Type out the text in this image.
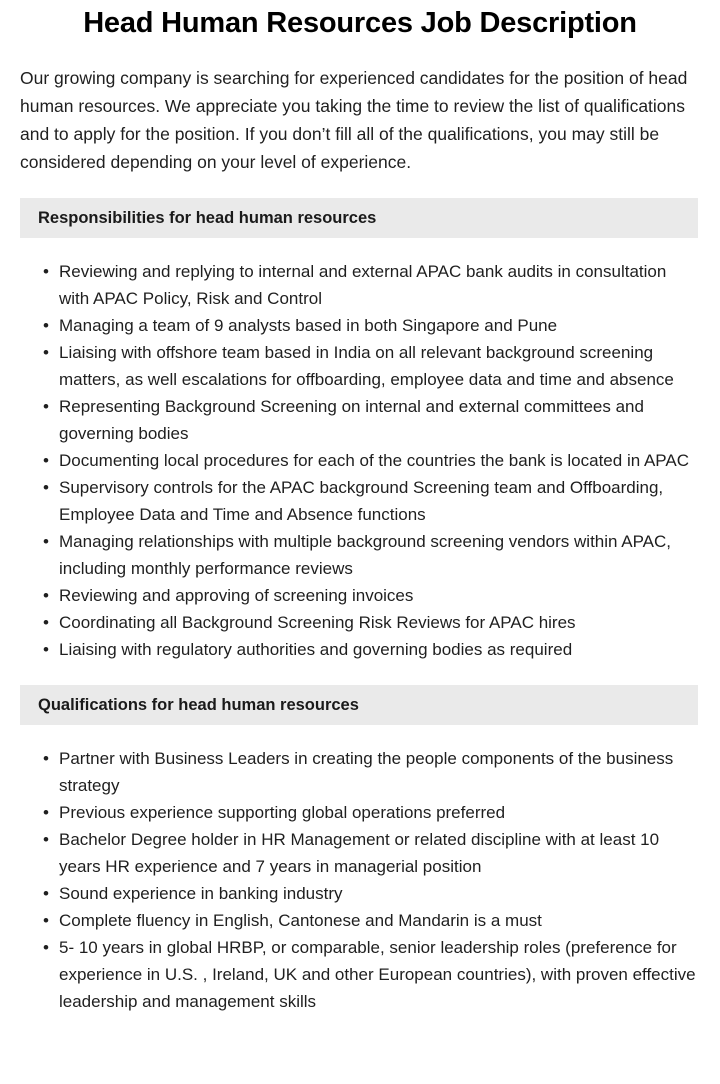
Head Human Resources Job Description

Our growing company is searching for experienced candidates for the position of head human resources. We appreciate you taking the time to review the list of qualifications and to apply for the position. If you don’t fill all of the qualifications, you may still be considered depending on your level of experience.

Responsibilities for head human resources
• Reviewing and replying to internal and external APAC bank audits in consultation with APAC Policy, Risk and Control
• Managing a team of 9 analysts based in both Singapore and Pune
• Liaising with offshore team based in India on all relevant background screening matters, as well escalations for offboarding, employee data and time and absence
• Representing Background Screening on internal and external committees and governing bodies
• Documenting local procedures for each of the countries the bank is located in APAC
• Supervisory controls for the APAC background Screening team and Offboarding, Employee Data and Time and Absence functions
• Managing relationships with multiple background screening vendors within APAC, including monthly performance reviews
• Reviewing and approving of screening invoices
• Coordinating all Background Screening Risk Reviews for APAC hires
• Liaising with regulatory authorities and governing bodies as required
Qualifications for head human resources
• Partner with Business Leaders in creating the people components of the business strategy
• Previous experience supporting global operations preferred
• Bachelor Degree holder in HR Management or related discipline with at least 10 years HR experience and 7 years in managerial position
• Sound experience in banking industry
• Complete fluency in English, Cantonese and Mandarin is a must
• 5- 10 years in global HRBP, or comparable, senior leadership roles (preference for experience in U.S. , Ireland, UK and other European countries), with proven effective leadership and management skills
